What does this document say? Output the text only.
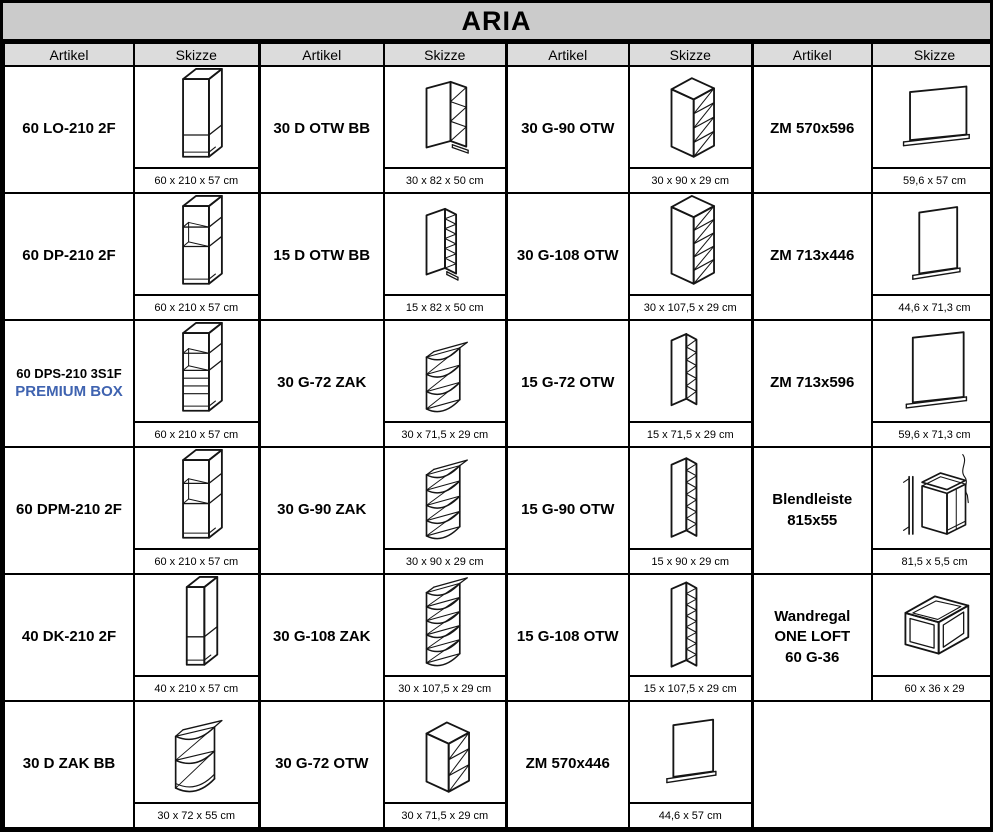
ARIA
Artikel	Skizze	Artikel	Skizze	Artikel	Skizze	Artikel	Skizze

60 LO-210 2F	60 x 210 x 57 cm	30 D OTW BB	30 x 82 x 50 cm	30 G-90 OTW	30 x 90 x 29 cm	ZM 570x596	59,6 x 57 cm

60 DP-210 2F	60 x 210 x 57 cm	15 D OTW BB	15 x 82 x 50 cm	30 G-108 OTW	30 x 107,5 x 29 cm	ZM 713x446	44,6 x 71,3 cm

60 DPS-210 3S1F
PREMIUM BOX	60 x 210 x 57 cm	30 G-72 ZAK	30 x 71,5 x 29 cm	15 G-72 OTW	15 x 71,5 x 29 cm	ZM 713x596	59,6 x 71,3 cm

60 DPM-210 2F	60 x 210 x 57 cm	30 G-90 ZAK	30 x 90 x 29 cm	15 G-90 OTW	15 x 90 x 29 cm	Blendleiste
815x55	81,5 x 5,5 cm

40 DK-210 2F	40 x 210 x 57 cm	30 G-108 ZAK	30 x 107,5 x 29 cm	15 G-108 OTW	15 x 107,5 x 29 cm	Wandregal
ONE LOFT
60 G-36	60 x 36 x 29

30 D ZAK BB	30 x 72 x 55 cm	30 G-72 OTW	30 x 71,5 x 29 cm	ZM 570x446	44,6 x 57 cm		
